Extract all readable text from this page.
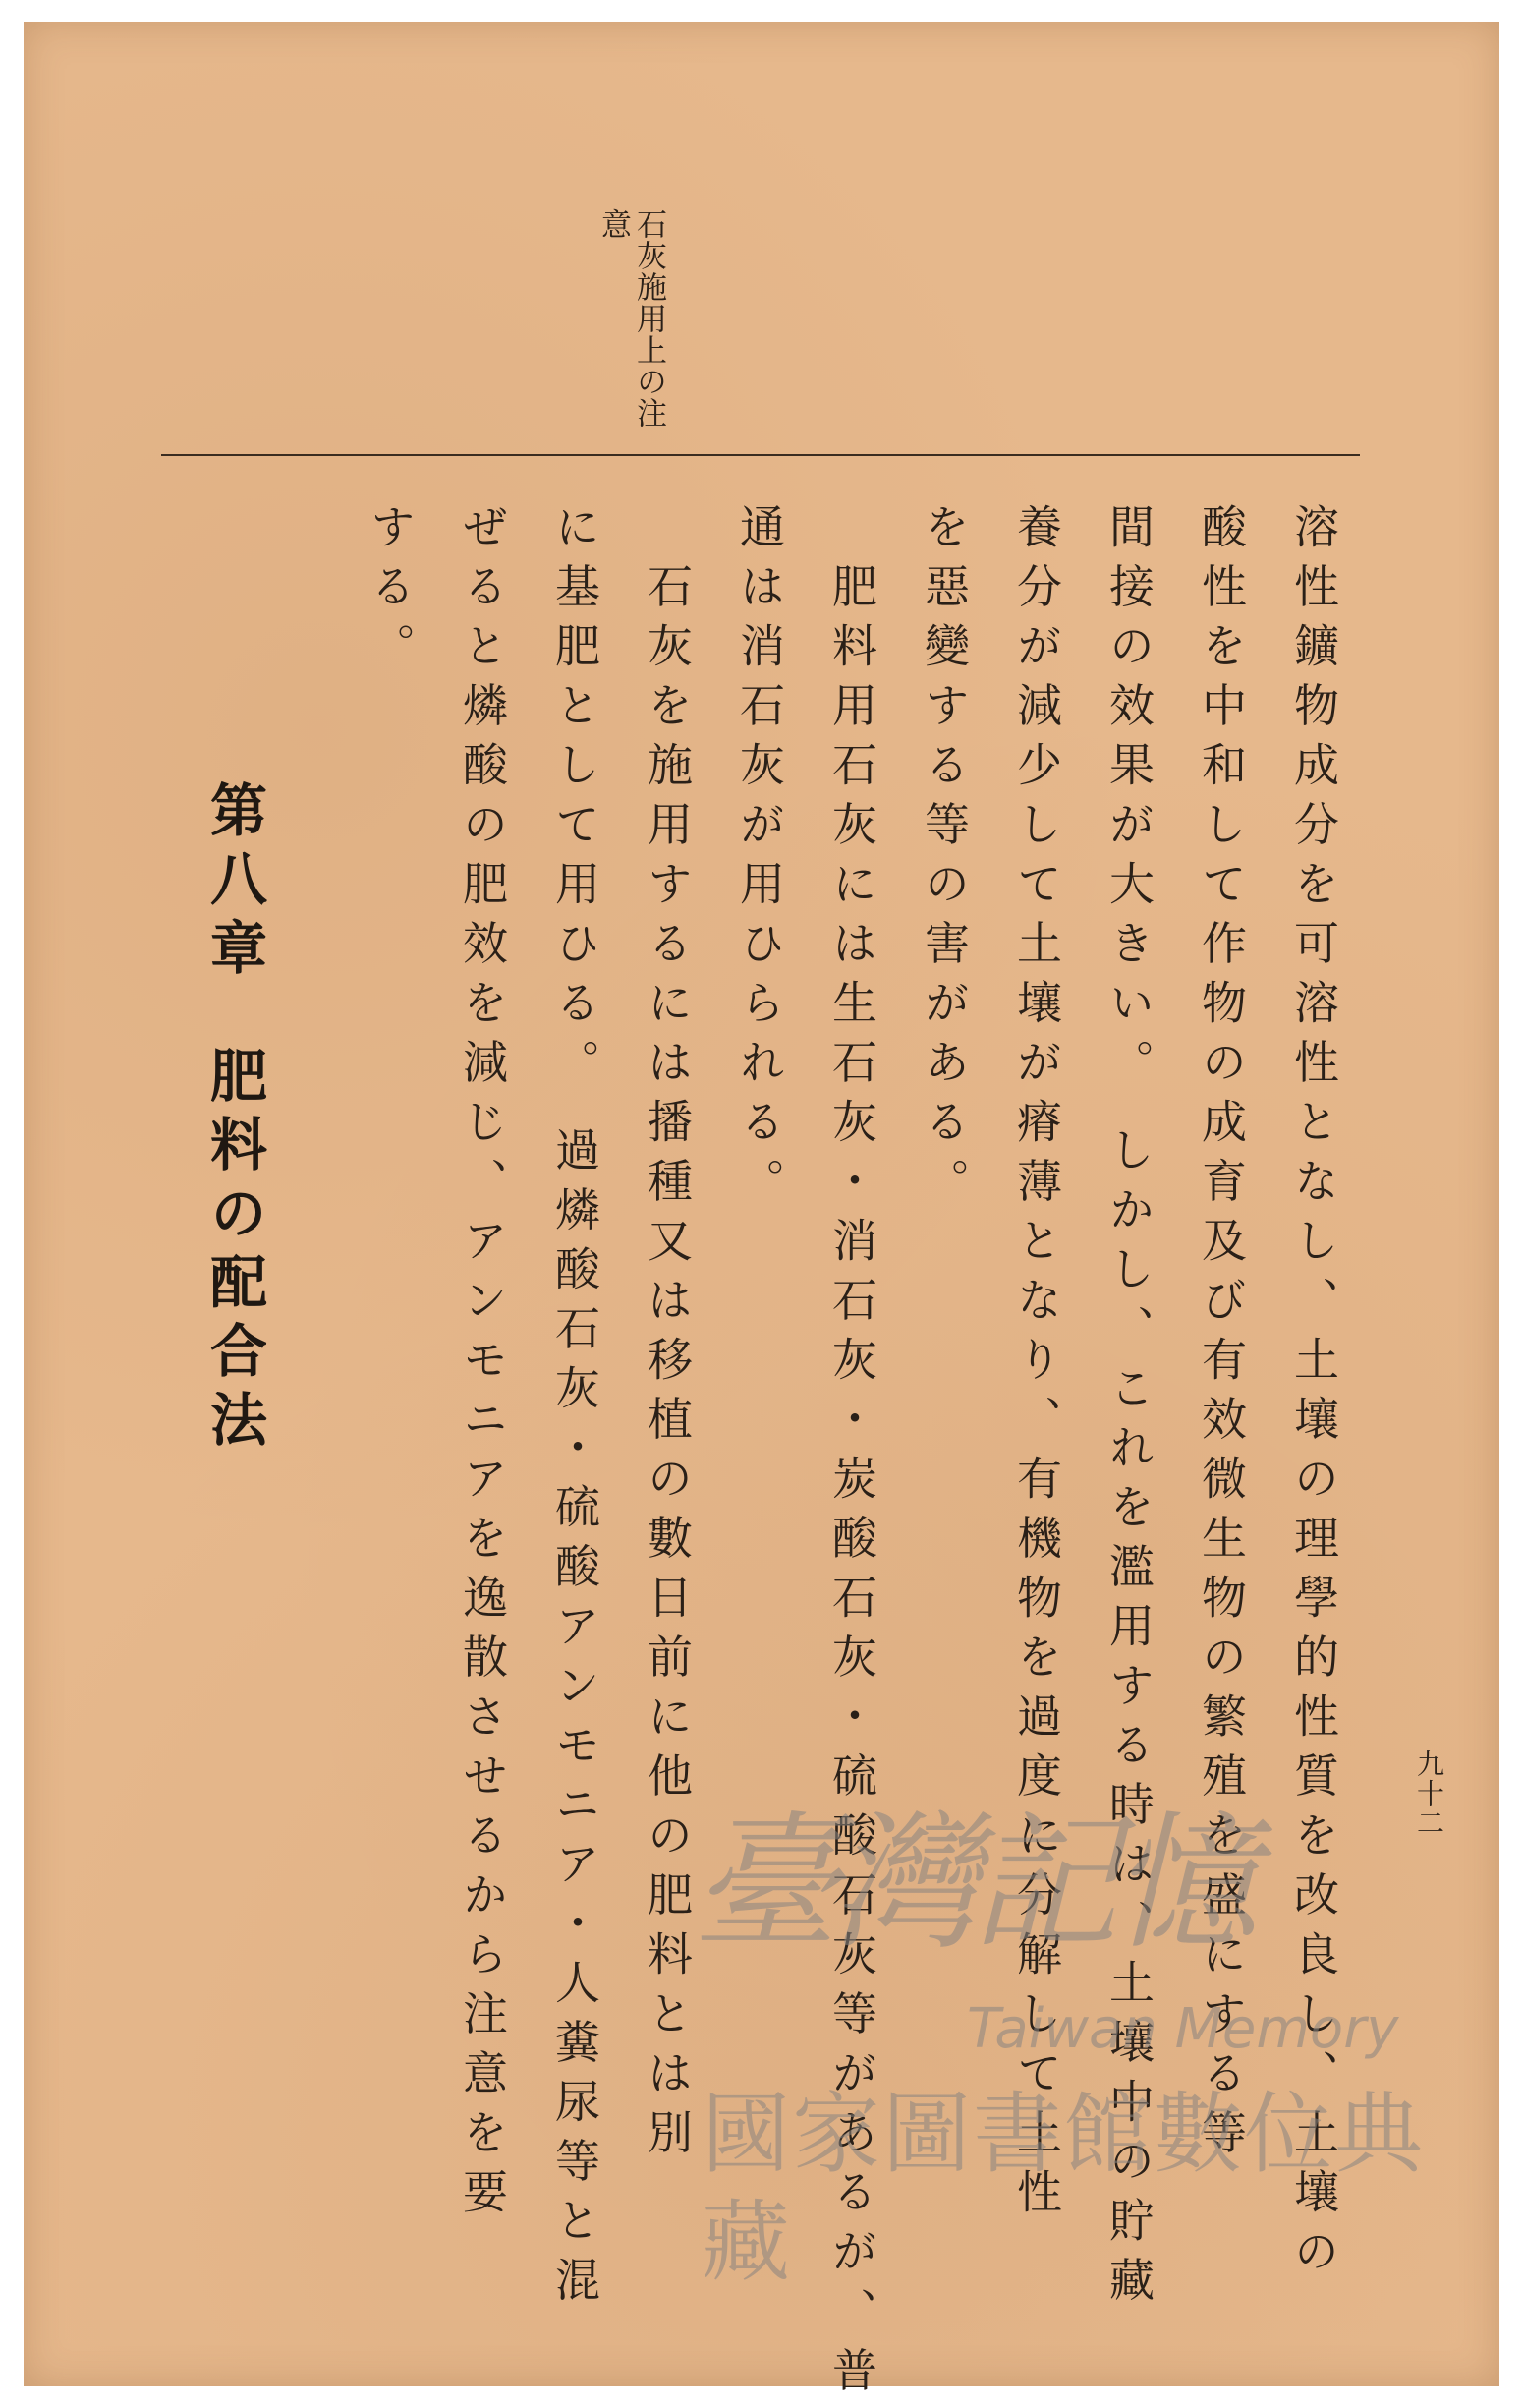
石灰施用上の注意
溶性鑛物成分を可溶性となし、土壤の理學的性質を改良し、土壤の
酸性を中和して作物の成育及び有效微生物の繁殖を盛にする等
間接の效果が大きい。 しかし、これを濫用する時は、土壤中の貯藏
養分が減少して土壤が瘠薄となり、有機物を過度に分解して土性
を惡變する等の害がある。
　肥料用石灰には生石灰・消石灰・炭酸石灰・硫酸石灰等があるが、普
通は消石灰が用ひられる。
　石灰を施用するには播種又は移植の數日前に他の肥料とは別
に基肥として用ひる。 過燐酸石灰・硫酸アンモニア・人糞尿等と混
ぜると燐酸の肥效を減じ、アンモニアを逸散させるから注意を要
する。
第八章肥料の配合法
九十二
臺灣記憶
Taiwan Memory
國家圖書館數位典藏
